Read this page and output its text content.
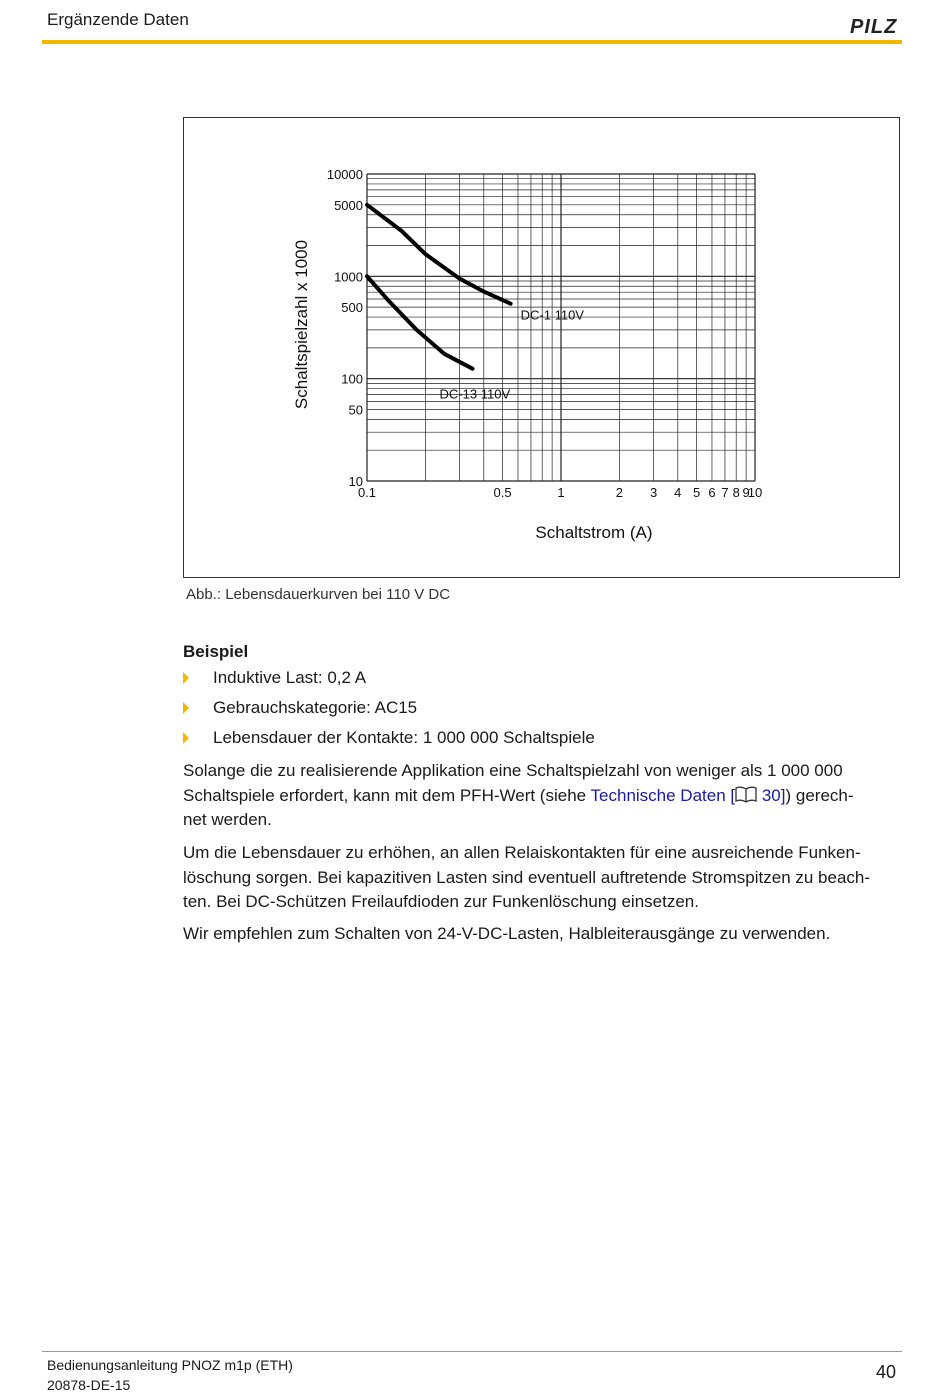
Ergänzende Daten	PILZ
10
50
100
500
1000
5000
10000
0.1	0.5	1	2 3 4 5 6 7 8 9
10
Schaltstrom (A)
Schaltspielzahl x 1000	DC-1 110V
DC-13 110V
Abb.: Lebensdauerkurven bei 110 V DC
Beispiel
Induktive Last: 0,2 A
Gebrauchskategorie: AC15
Lebensdauer der Kontakte: 1 000 000 Schaltspiele
Solange die zu realisierende Applikation eine Schaltspielzahl von weniger als 1 000 000
Schaltspiele erfordert, kann mit dem PFH-Wert (siehe Technische Daten [ 30]) gerech-
net werden.
Um die Lebensdauer zu erhöhen, an allen Relaiskontakten für eine ausreichende Funken-
löschung sorgen. Bei kapazitiven Lasten sind eventuell auftretende Stromspitzen zu beach-
ten. Bei DC-Schützen Freilaufdioden zur Funkenlöschung einsetzen.
Wir empfehlen zum Schalten von 24-V-DC-Lasten, Halbleiterausgänge zu verwenden.
Bedienungsanleitung PNOZ m1p (ETH)
20878-DE-15
40
